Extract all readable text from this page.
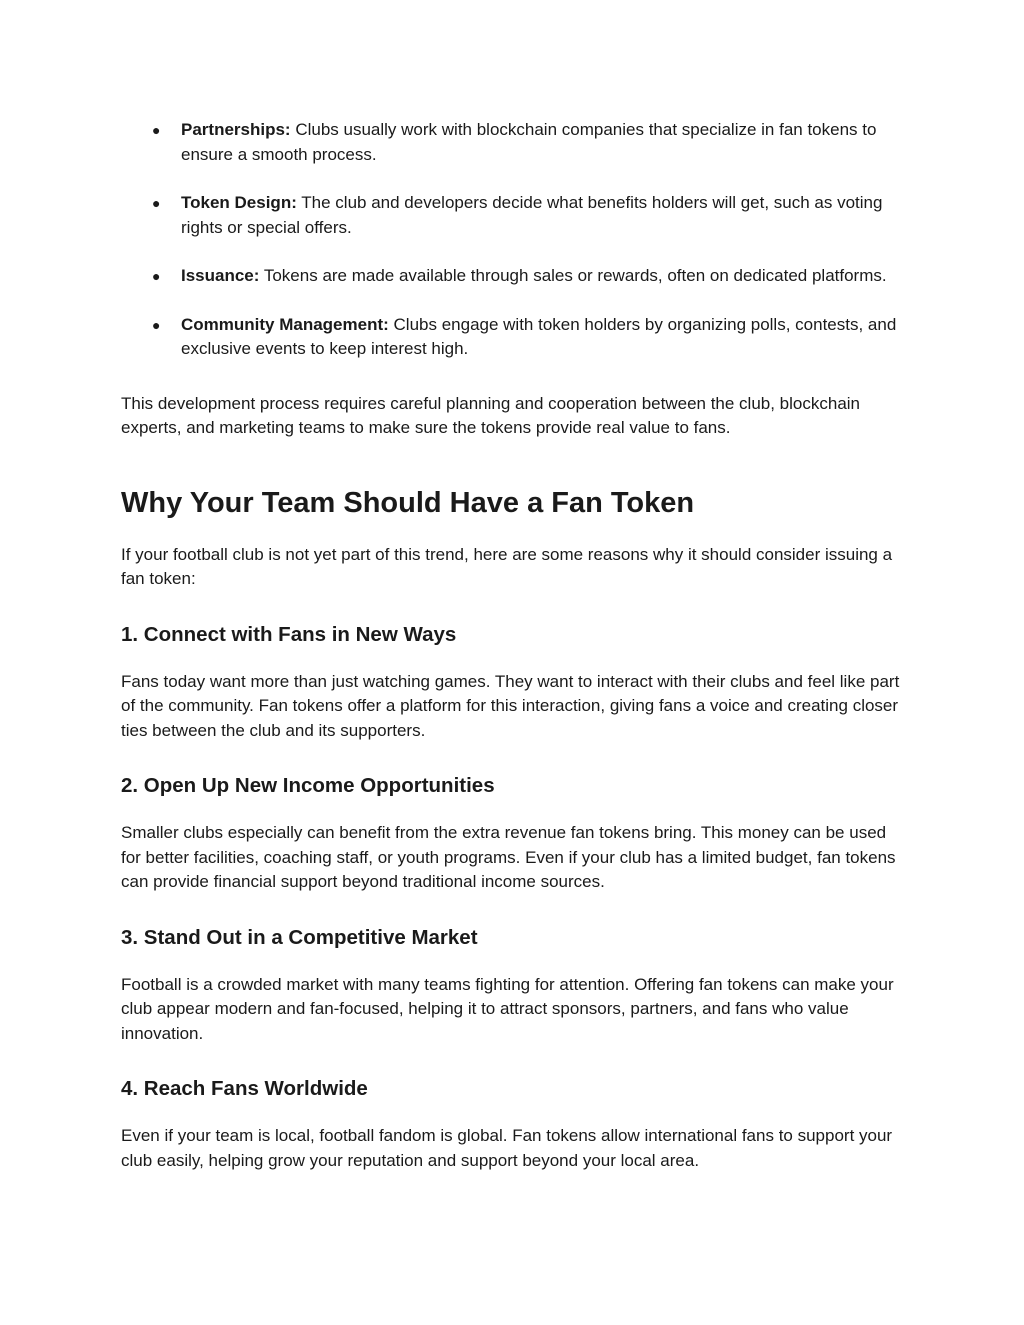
● Partnerships: Clubs usually work with blockchain companies that specialize in fan tokens to ensure a smooth process.
● Token Design: The club and developers decide what benefits holders will get, such as voting rights or special offers.
● Issuance: Tokens are made available through sales or rewards, often on dedicated platforms.
● Community Management: Clubs engage with token holders by organizing polls, contests, and exclusive events to keep interest high.

This development process requires careful planning and cooperation between the club, blockchain experts, and marketing teams to make sure the tokens provide real value to fans.

Why Your Team Should Have a Fan Token

If your football club is not yet part of this trend, here are some reasons why it should consider issuing a fan token:

1. Connect with Fans in New Ways

Fans today want more than just watching games. They want to interact with their clubs and feel like part of the community. Fan tokens offer a platform for this interaction, giving fans a voice and creating closer ties between the club and its supporters.

2. Open Up New Income Opportunities

Smaller clubs especially can benefit from the extra revenue fan tokens bring. This money can be used for better facilities, coaching staff, or youth programs. Even if your club has a limited budget, fan tokens can provide financial support beyond traditional income sources.

3. Stand Out in a Competitive Market

Football is a crowded market with many teams fighting for attention. Offering fan tokens can make your club appear modern and fan-focused, helping it to attract sponsors, partners, and fans who value innovation.

4. Reach Fans Worldwide

Even if your team is local, football fandom is global. Fan tokens allow international fans to support your club easily, helping grow your reputation and support beyond your local area.
